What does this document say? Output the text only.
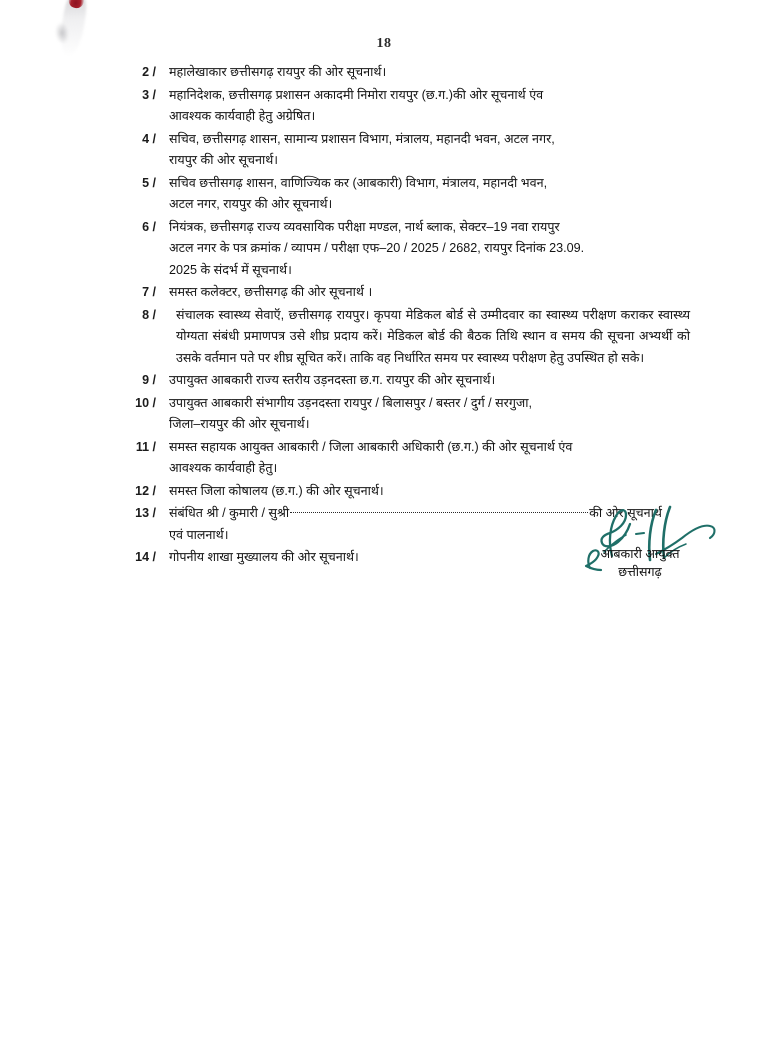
18
2 / महालेखाकार छत्तीसगढ़ रायपुर की ओर सूचनार्थ।
3 / महानिदेशक, छत्तीसगढ़ प्रशासन अकादमी निमोरा रायपुर (छ.ग.)की ओर सूचनार्थ एंव
आवश्यक कार्यवाही हेतु अग्रेषित।
4 / सचिव, छत्तीसगढ़ शासन, सामान्य प्रशासन विभाग, मंत्रालय, महानदी भवन, अटल नगर,
रायपुर की ओर सूचनार्थ।
5 / सचिव छत्तीसगढ़ शासन, वाणिज्यिक कर (आबकारी) विभाग, मंत्रालय, महानदी भवन,
अटल नगर, रायपुर की ओर सूचनार्थ।
6 / नियंत्रक, छत्तीसगढ़ राज्य व्यवसायिक परीक्षा मण्डल, नार्थ ब्लाक, सेक्टर–19 नवा रायपुर
अटल नगर के पत्र क्रमांक / व्यापम / परीक्षा एफ–20 / 2025 / 2682, रायपुर दिनांक 23.09.
2025 के संदर्भ में सूचनार्थ।
7 / समस्त कलेक्टर, छत्तीसगढ़ की ओर सूचनार्थ ।
8 /	संचालक स्वास्थ्य सेवाऍ, छत्तीसगढ़ रायपुर। कृपया मेडिकल बोर्ड से उम्मीदवार का स्वास्थ्य परीक्षण कराकर स्वास्थ्य योग्यता संबंधी प्रमाणपत्र उसे शीघ्र प्रदाय करें। मेडिकल बोर्ड की बैठक तिथि स्थान व समय की सूचना अभ्यर्थी को उसके वर्तमान पते पर शीघ्र सूचित करें। ताकि वह निर्धारित समय पर स्वास्थ्य परीक्षण हेतु उपस्थित हो सके।
9 / उपायुक्त आबकारी राज्य स्तरीय उड़नदस्ता छ.ग. रायपुर की ओर सूचनार्थ।
10 / उपायुक्त आबकारी संभागीय उड़नदस्ता रायपुर / बिलासपुर / बस्तर / दुर्ग / सरगुजा,
जिला–रायपुर की ओर सूचनार्थ।
11 / समस्त सहायक आयुक्त आबकारी / जिला आबकारी अधिकारी (छ.ग.) की ओर सूचनार्थ एंव
आवश्यक कार्यवाही हेतु।
12 / समस्त जिला कोषालय (छ.ग.) की ओर सूचनार्थ।
13 / संबंधित श्री / कुमारी / सुश्री	की ओर सूचनार्थ
एवं पालनार्थ।
14 / गोपनीय शाखा मुख्यालय की ओर सूचनार्थ।	आबकारी आयुक्त
छत्तीसगढ़
